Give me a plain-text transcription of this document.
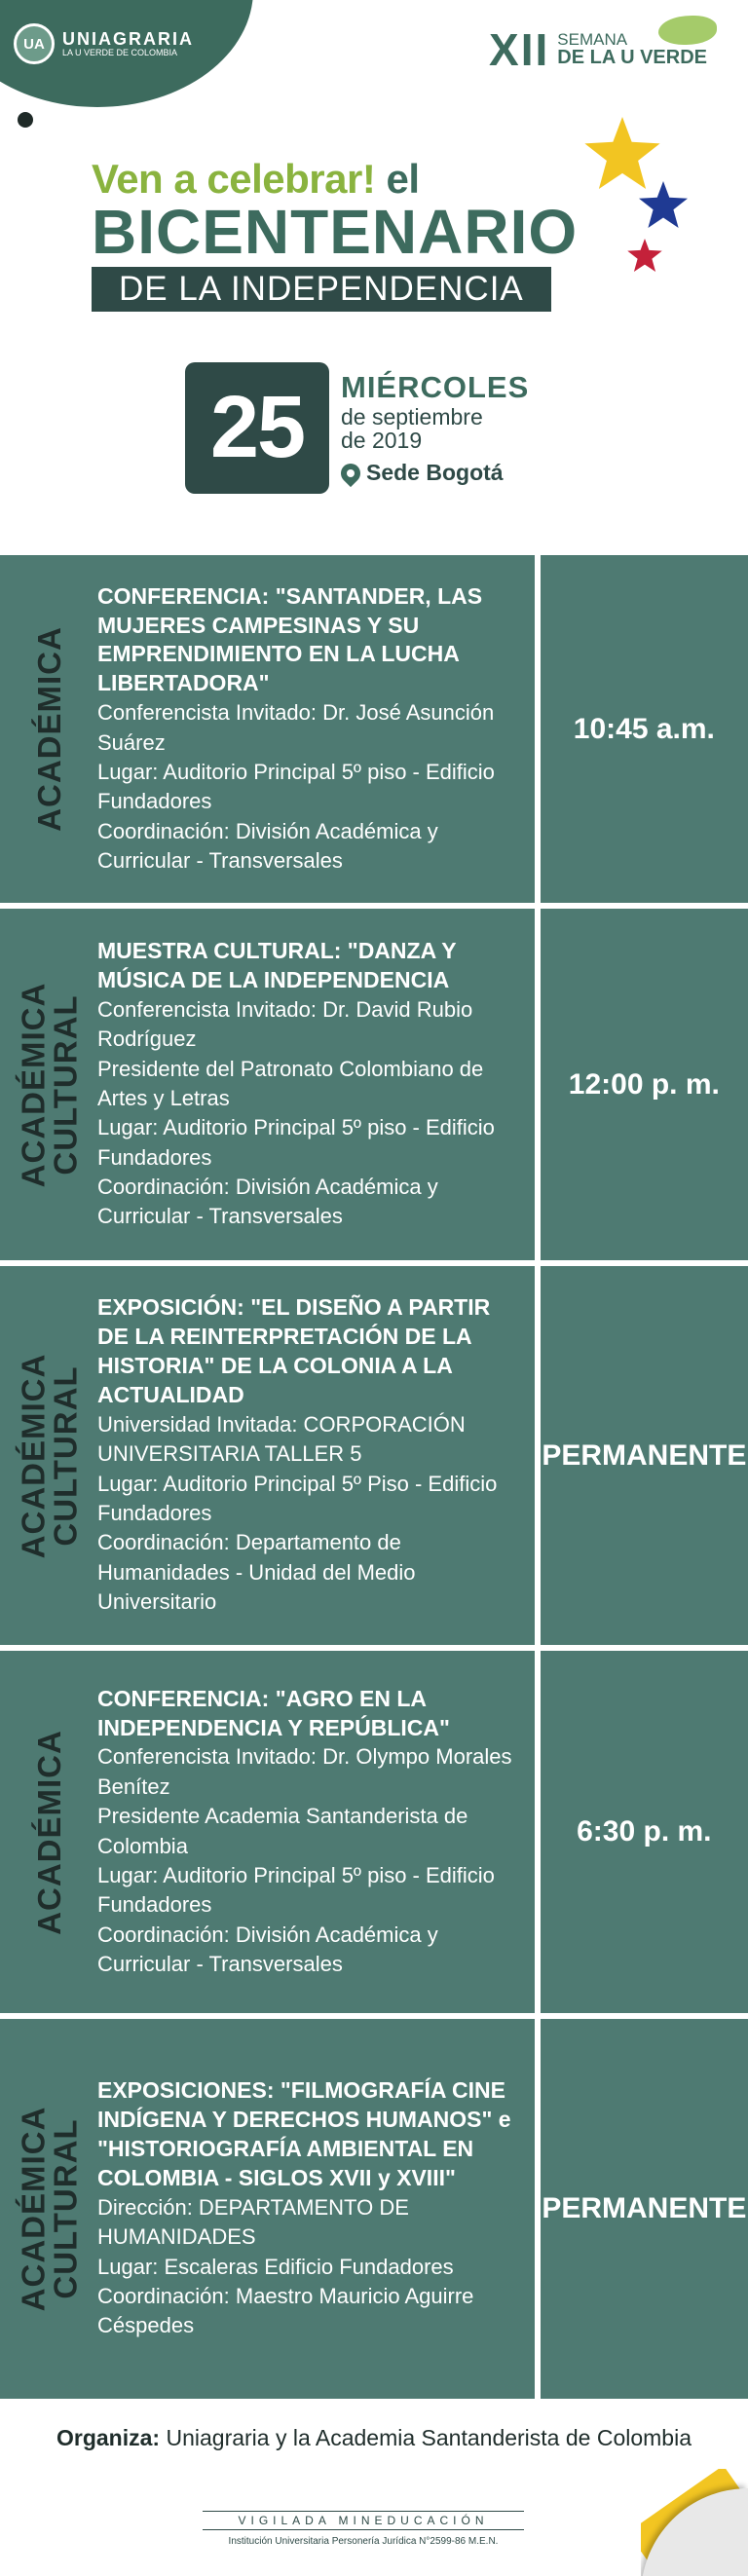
UA	UNIAGRARIA
LA U VERDE DE COLOMBIA	XII SEMANA
DE LA U VERDE
Ven a celebrar! el
BICENTENARIO
DE LA INDEPENDENCIA
25	MIÉRCOLES
de septiembre
de 2019
Sede Bogotá
ACADÉMICA
CONFERENCIA: "SANTANDER, LAS MUJERES CAMPESINAS Y SU EMPRENDIMIENTO EN LA LUCHA LIBERTADORA"
Conferencista Invitado: Dr. José Asunción Suárez
Lugar: Auditorio Principal 5º piso - Edificio Fundadores
Coordinación: División Académica y Curricular - Transversales
10:45 a.m.
ACADÉMICA
CULTURAL
MUESTRA CULTURAL: "DANZA Y MÚSICA DE LA INDEPENDENCIA
Conferencista Invitado: Dr. David Rubio Rodríguez
Presidente del Patronato Colombiano de Artes y Letras
Lugar: Auditorio Principal 5º piso - Edificio Fundadores
Coordinación: División Académica y Curricular - Transversales
12:00 p. m.
ACADÉMICA
CULTURAL
EXPOSICIÓN: "EL DISEÑO A PARTIR DE LA REINTERPRETACIÓN DE LA HISTORIA" DE LA COLONIA A LA ACTUALIDAD
Universidad Invitada: CORPORACIÓN UNIVERSITARIA TALLER 5
Lugar: Auditorio Principal 5º Piso - Edificio Fundadores
Coordinación: Departamento de Humanidades - Unidad del Medio Universitario
PERMANENTE
ACADÉMICA
CONFERENCIA: "AGRO EN LA INDEPENDENCIA Y REPÚBLICA"
Conferencista Invitado: Dr. Olympo Morales Benítez
Presidente Academia Santanderista de Colombia
Lugar: Auditorio Principal 5º piso - Edificio Fundadores
Coordinación: División Académica y Curricular - Transversales
6:30 p. m.
ACADÉMICA
CULTURAL
EXPOSICIONES: "FILMOGRAFÍA CINE INDÍGENA Y DERECHOS HUMANOS" e "HISTORIOGRAFÍA AMBIENTAL EN COLOMBIA - SIGLOS XVII y XVIII"
Dirección: DEPARTAMENTO DE HUMANIDADES
Lugar: Escaleras Edificio Fundadores
Coordinación: Maestro Mauricio Aguirre Céspedes
PERMANENTE
Organiza: Uniagraria y la Academia Santanderista de Colombia
VIGILADA MINEDUCACIÓN
Institución Universitaria Personería Jurídica N°2599-86 M.E.N.
